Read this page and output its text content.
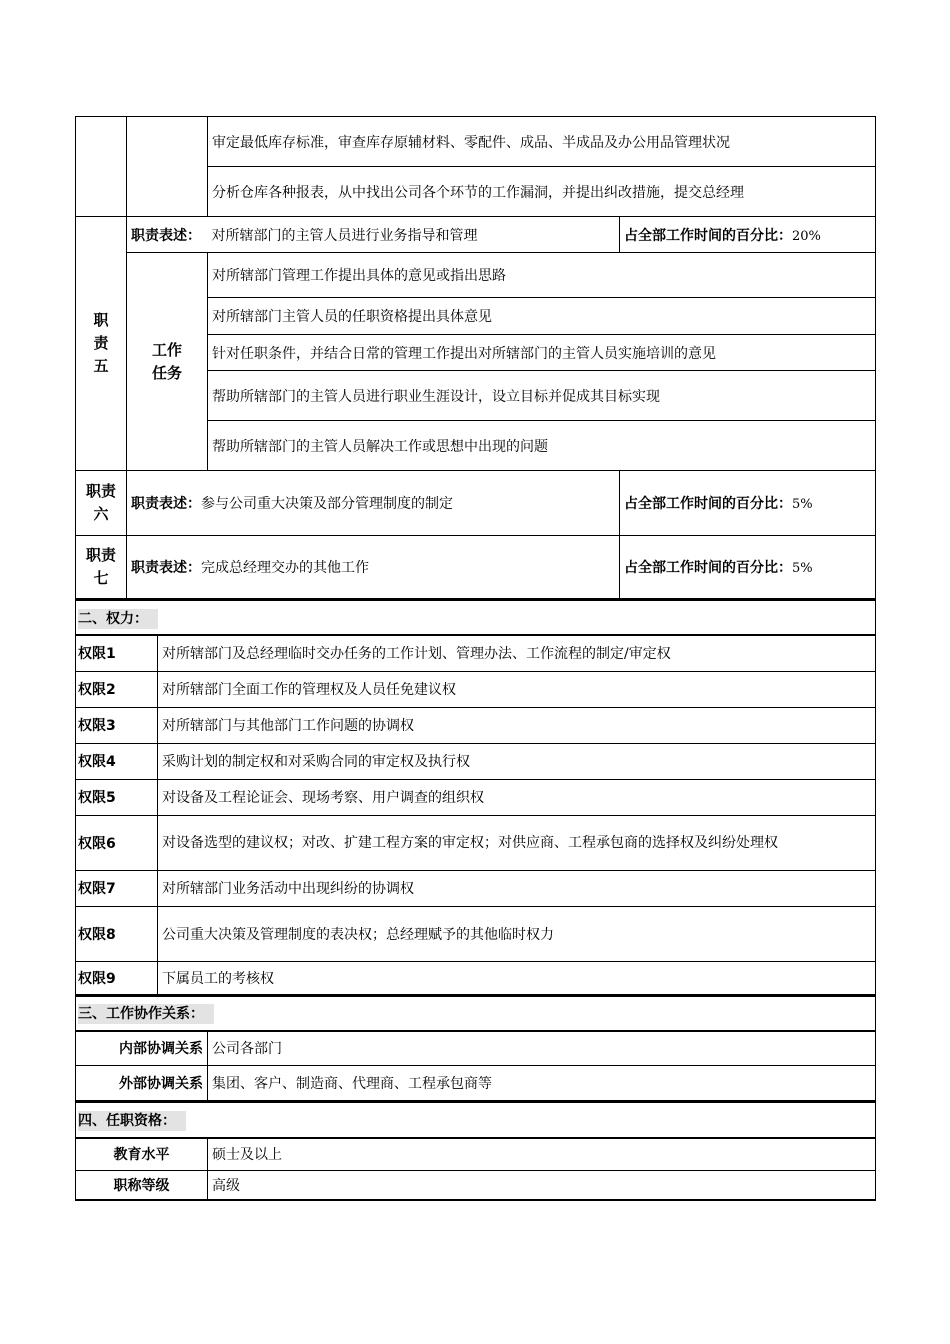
		审定最低库存标准，审查库存原辅材料、零配件、成品、半成品及办公用品管理状况	
		分析仓库各种报表，从中找出公司各个环节的工作漏洞，并提出纠改措施，提交总经理	
职责五	职责表述： 对所辖部门的主管人员进行业务指导和管理		占全部工作时间的百分比：20%
	工作任务	对所辖部门管理工作提出具体的意见或指出思路	
		对所辖部门主管人员的任职资格提出具体意见	
		针对任职条件，并结合日常的管理工作提出对所辖部门的主管人员实施培训的意见	
		帮助所辖部门的主管人员进行职业生涯设计，设立目标并促成其目标实现	
		帮助所辖部门的主管人员解决工作或思想中出现的问题	
职责六	职责表述：参与公司重大决策及部分管理制度的制定		占全部工作时间的百分比：5%
职责七	职责表述：完成总经理交办的其他工作		占全部工作时间的百分比：5%
二、权力：	
权限1	对所辖部门及总经理临时交办任务的工作计划、管理办法、工作流程的制定/审定权
权限2	对所辖部门全面工作的管理权及人员任免建议权
权限3	对所辖部门与其他部门工作问题的协调权
权限4	采购计划的制定权和对采购合同的审定权及执行权
权限5	对设备及工程论证会、现场考察、用户调查的组织权
权限6	对设备选型的建议权；对改、扩建工程方案的审定权；对供应商、工程承包商的选择权及纠纷处理权
权限7	对所辖部门业务活动中出现纠纷的协调权
权限8	公司重大决策及管理制度的表决权；总经理赋予的其他临时权力
权限9	下属员工的考核权
三、工作协作关系：	
内部协调关系	公司各部门
外部协调关系	集团、客户、制造商、代理商、工程承包商等
四、任职资格：	
教育水平	硕士及以上
职称等级	高级
